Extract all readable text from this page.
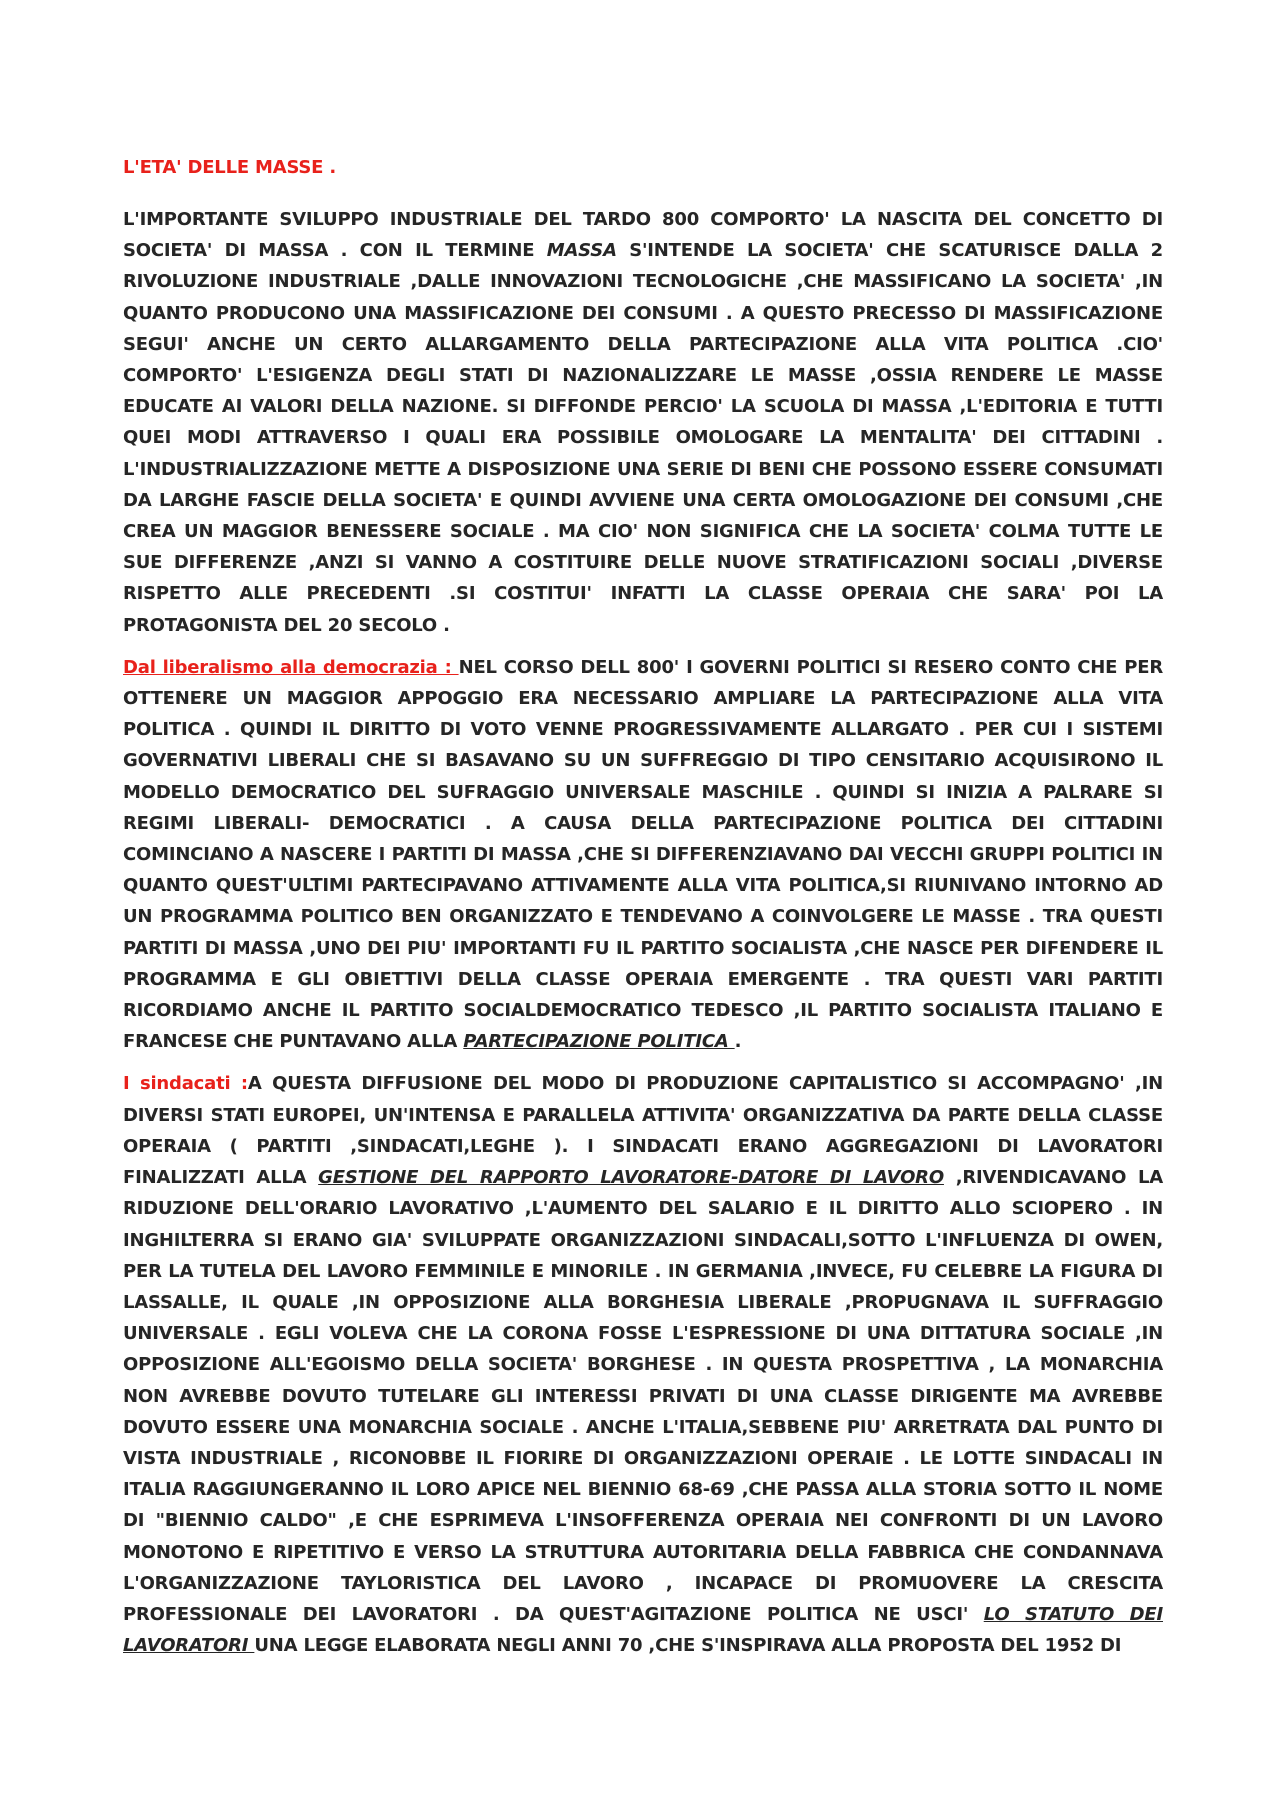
L'ETA' DELLE MASSE .

L'IMPORTANTE SVILUPPO INDUSTRIALE DEL TARDO 800 COMPORTO' LA NASCITA DEL CONCETTO DI SOCIETA' DI MASSA . CON IL TERMINE MASSA S'INTENDE LA SOCIETA' CHE SCATURISCE DALLA 2 RIVOLUZIONE INDUSTRIALE ,DALLE INNOVAZIONI TECNOLOGICHE ,CHE MASSIFICANO LA SOCIETA' ,IN QUANTO PRODUCONO UNA MASSIFICAZIONE DEI CONSUMI . A QUESTO PRECESSO DI MASSIFICAZIONE SEGUI' ANCHE UN CERTO ALLARGAMENTO DELLA PARTECIPAZIONE ALLA VITA POLITICA .CIO' COMPORTO' L'ESIGENZA DEGLI STATI DI NAZIONALIZZARE LE MASSE ,OSSIA RENDERE LE MASSE EDUCATE AI VALORI DELLA NAZIONE. SI DIFFONDE PERCIO' LA SCUOLA DI MASSA ,L'EDITORIA E TUTTI QUEI MODI ATTRAVERSO I QUALI ERA POSSIBILE OMOLOGARE LA MENTALITA' DEI CITTADINI . L'INDUSTRIALIZZAZIONE METTE A DISPOSIZIONE UNA SERIE DI BENI CHE POSSONO ESSERE CONSUMATI DA LARGHE FASCIE DELLA SOCIETA' E QUINDI AVVIENE UNA CERTA OMOLOGAZIONE DEI CONSUMI ,CHE CREA UN MAGGIOR BENESSERE SOCIALE . MA CIO' NON SIGNIFICA CHE LA SOCIETA' COLMA TUTTE LE SUE DIFFERENZE ,ANZI SI VANNO A COSTITUIRE DELLE NUOVE STRATIFICAZIONI SOCIALI ,DIVERSE RISPETTO ALLE PRECEDENTI .SI COSTITUI' INFATTI LA CLASSE OPERAIA CHE SARA' POI LA PROTAGONISTA DEL 20 SECOLO .

Dal liberalismo alla democrazia : NEL CORSO DELL 800' I GOVERNI POLITICI SI RESERO CONTO CHE PER OTTENERE UN MAGGIOR APPOGGIO ERA NECESSARIO AMPLIARE LA PARTECIPAZIONE ALLA VITA POLITICA . QUINDI IL DIRITTO DI VOTO VENNE PROGRESSIVAMENTE ALLARGATO . PER CUI I SISTEMI GOVERNATIVI LIBERALI CHE SI BASAVANO SU UN SUFFREGGIO DI TIPO CENSITARIO ACQUISIRONO IL MODELLO DEMOCRATICO DEL SUFRAGGIO UNIVERSALE MASCHILE . QUINDI SI INIZIA A PALRARE SI REGIMI LIBERALI- DEMOCRATICI . A CAUSA DELLA PARTECIPAZIONE POLITICA DEI CITTADINI COMINCIANO A NASCERE I PARTITI DI MASSA ,CHE SI DIFFERENZIAVANO DAI VECCHI GRUPPI POLITICI IN QUANTO QUEST'ULTIMI PARTECIPAVANO ATTIVAMENTE ALLA VITA POLITICA,SI RIUNIVANO INTORNO AD UN PROGRAMMA POLITICO BEN ORGANIZZATO E TENDEVANO A COINVOLGERE LE MASSE . TRA QUESTI PARTITI DI MASSA ,UNO DEI PIU' IMPORTANTI FU IL PARTITO SOCIALISTA ,CHE NASCE PER DIFENDERE IL PROGRAMMA E GLI OBIETTIVI DELLA CLASSE OPERAIA EMERGENTE . TRA QUESTI VARI PARTITI RICORDIAMO ANCHE IL PARTITO SOCIALDEMOCRATICO TEDESCO ,IL PARTITO SOCIALISTA ITALIANO E FRANCESE CHE PUNTAVANO ALLA PARTECIPAZIONE POLITICA .

I sindacati :A QUESTA DIFFUSIONE DEL MODO DI PRODUZIONE CAPITALISTICO SI ACCOMPAGNO' ,IN DIVERSI STATI EUROPEI, UN'INTENSA E PARALLELA ATTIVITA' ORGANIZZATIVA DA PARTE DELLA CLASSE OPERAIA ( PARTITI ,SINDACATI,LEGHE ). I SINDACATI ERANO AGGREGAZIONI DI LAVORATORI FINALIZZATI ALLA GESTIONE DEL RAPPORTO LAVORATORE-DATORE DI LAVORO ,RIVENDICAVANO LA RIDUZIONE DELL'ORARIO LAVORATIVO ,L'AUMENTO DEL SALARIO E IL DIRITTO ALLO SCIOPERO . IN INGHILTERRA SI ERANO GIA' SVILUPPATE ORGANIZZAZIONI SINDACALI,SOTTO L'INFLUENZA DI OWEN, PER LA TUTELA DEL LAVORO FEMMINILE E MINORILE . IN GERMANIA ,INVECE, FU CELEBRE LA FIGURA DI LASSALLE, IL QUALE ,IN OPPOSIZIONE ALLA BORGHESIA LIBERALE ,PROPUGNAVA IL SUFFRAGGIO UNIVERSALE . EGLI VOLEVA CHE LA CORONA FOSSE L'ESPRESSIONE DI UNA DITTATURA SOCIALE ,IN OPPOSIZIONE ALL'EGOISMO DELLA SOCIETA' BORGHESE . IN QUESTA PROSPETTIVA , LA MONARCHIA NON AVREBBE DOVUTO TUTELARE GLI INTERESSI PRIVATI DI UNA CLASSE DIRIGENTE MA AVREBBE DOVUTO ESSERE UNA MONARCHIA SOCIALE . ANCHE L'ITALIA,SEBBENE PIU' ARRETRATA DAL PUNTO DI VISTA INDUSTRIALE , RICONOBBE IL FIORIRE DI ORGANIZZAZIONI OPERAIE . LE LOTTE SINDACALI IN ITALIA RAGGIUNGERANNO IL LORO APICE NEL BIENNIO 68-69 ,CHE PASSA ALLA STORIA SOTTO IL NOME DI "BIENNIO CALDO" ,E CHE ESPRIMEVA L'INSOFFERENZA OPERAIA NEI CONFRONTI DI UN LAVORO MONOTONO E RIPETITIVO E VERSO LA STRUTTURA AUTORITARIA DELLA FABBRICA CHE CONDANNAVA L'ORGANIZZAZIONE TAYLORISTICA DEL LAVORO , INCAPACE DI PROMUOVERE LA CRESCITA PROFESSIONALE DEI LAVORATORI . DA QUEST'AGITAZIONE POLITICA NE USCI' LO STATUTO DEI LAVORATORI UNA LEGGE ELABORATA NEGLI ANNI 70 ,CHE S'INSPIRAVA ALLA PROPOSTA DEL 1952 DI
